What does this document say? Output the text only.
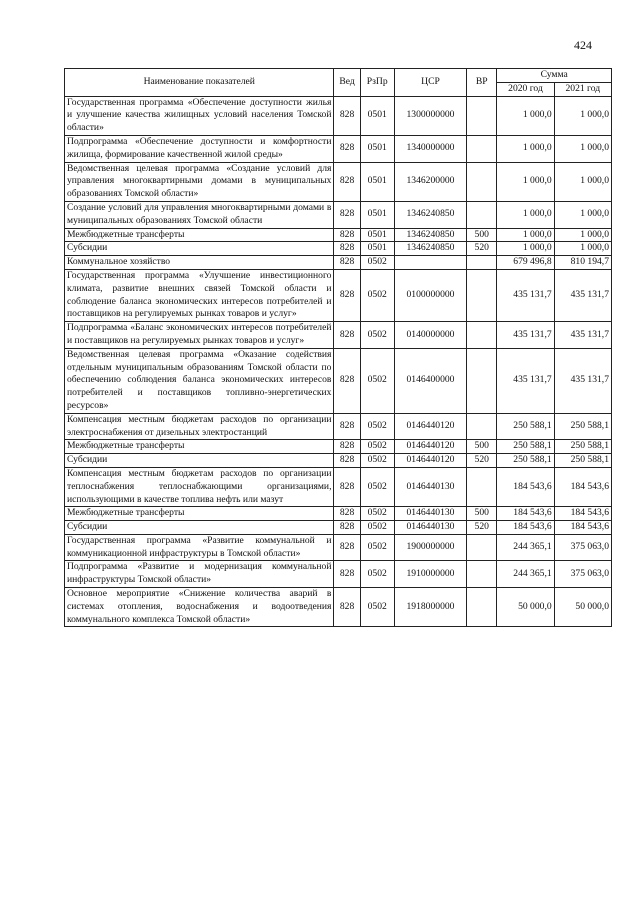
424
Наименование показателей	Вед	РзПр	ЦСР	ВР	Сумма	
					2020 год	2021 год
Государственная программа «Обеспечение доступности жилья и улучшение качества жилищных условий населения Томской области»	828	0501	1300000000		1 000,0	1 000,0
Подпрограмма «Обеспечение доступности и комфортности жилища, формирование качественной жилой среды»	828	0501	1340000000		1 000,0	1 000,0
Ведомственная целевая программа «Создание условий для управления многоквартирными домами в муниципальных образованиях Томской области»	828	0501	1346200000		1 000,0	1 000,0
Создание условий для управления многоквартирными домами в муниципальных образованиях Томской области	828	0501	1346240850		1 000,0	1 000,0
Межбюджетные трансферты	828	0501	1346240850	500	1 000,0	1 000,0
Субсидии	828	0501	1346240850	520	1 000,0	1 000,0
Коммунальное хозяйство	828	0502			679 496,8	810 194,7
Государственная программа «Улучшение инвестиционного климата, развитие внешних связей Томской области и соблюдение баланса экономических интересов потребителей и поставщиков на регулируемых рынках товаров и услуг»	828	0502	0100000000		435 131,7	435 131,7
Подпрограмма «Баланс экономических интересов потребителей и поставщиков на регулируемых рынках товаров и услуг»	828	0502	0140000000		435 131,7	435 131,7
Ведомственная целевая программа «Оказание содействия отдельным муниципальным образованиям Томской области по обеспечению соблюдения баланса экономических интересов потребителей и поставщиков топливно-энергетических ресурсов»	828	0502	0146400000		435 131,7	435 131,7
Компенсация местным бюджетам расходов по организации электроснабжения от дизельных электростанций	828	0502	0146440120		250 588,1	250 588,1
Межбюджетные трансферты	828	0502	0146440120	500	250 588,1	250 588,1
Субсидии	828	0502	0146440120	520	250 588,1	250 588,1
Компенсация местным бюджетам расходов по организации теплоснабжения теплоснабжающими организациями, использующими в качестве топлива нефть или мазут	828	0502	0146440130		184 543,6	184 543,6
Межбюджетные трансферты	828	0502	0146440130	500	184 543,6	184 543,6
Субсидии	828	0502	0146440130	520	184 543,6	184 543,6
Государственная программа «Развитие коммунальной и коммуникационной инфраструктуры в Томской области»	828	0502	1900000000		244 365,1	375 063,0
Подпрограмма «Развитие и модернизация коммунальной инфраструктуры Томской области»	828	0502	1910000000		244 365,1	375 063,0
Основное мероприятие «Снижение количества аварий в системах отопления, водоснабжения и водоотведения коммунального комплекса Томской области»	828	0502	1918000000		50 000,0	50 000,0
